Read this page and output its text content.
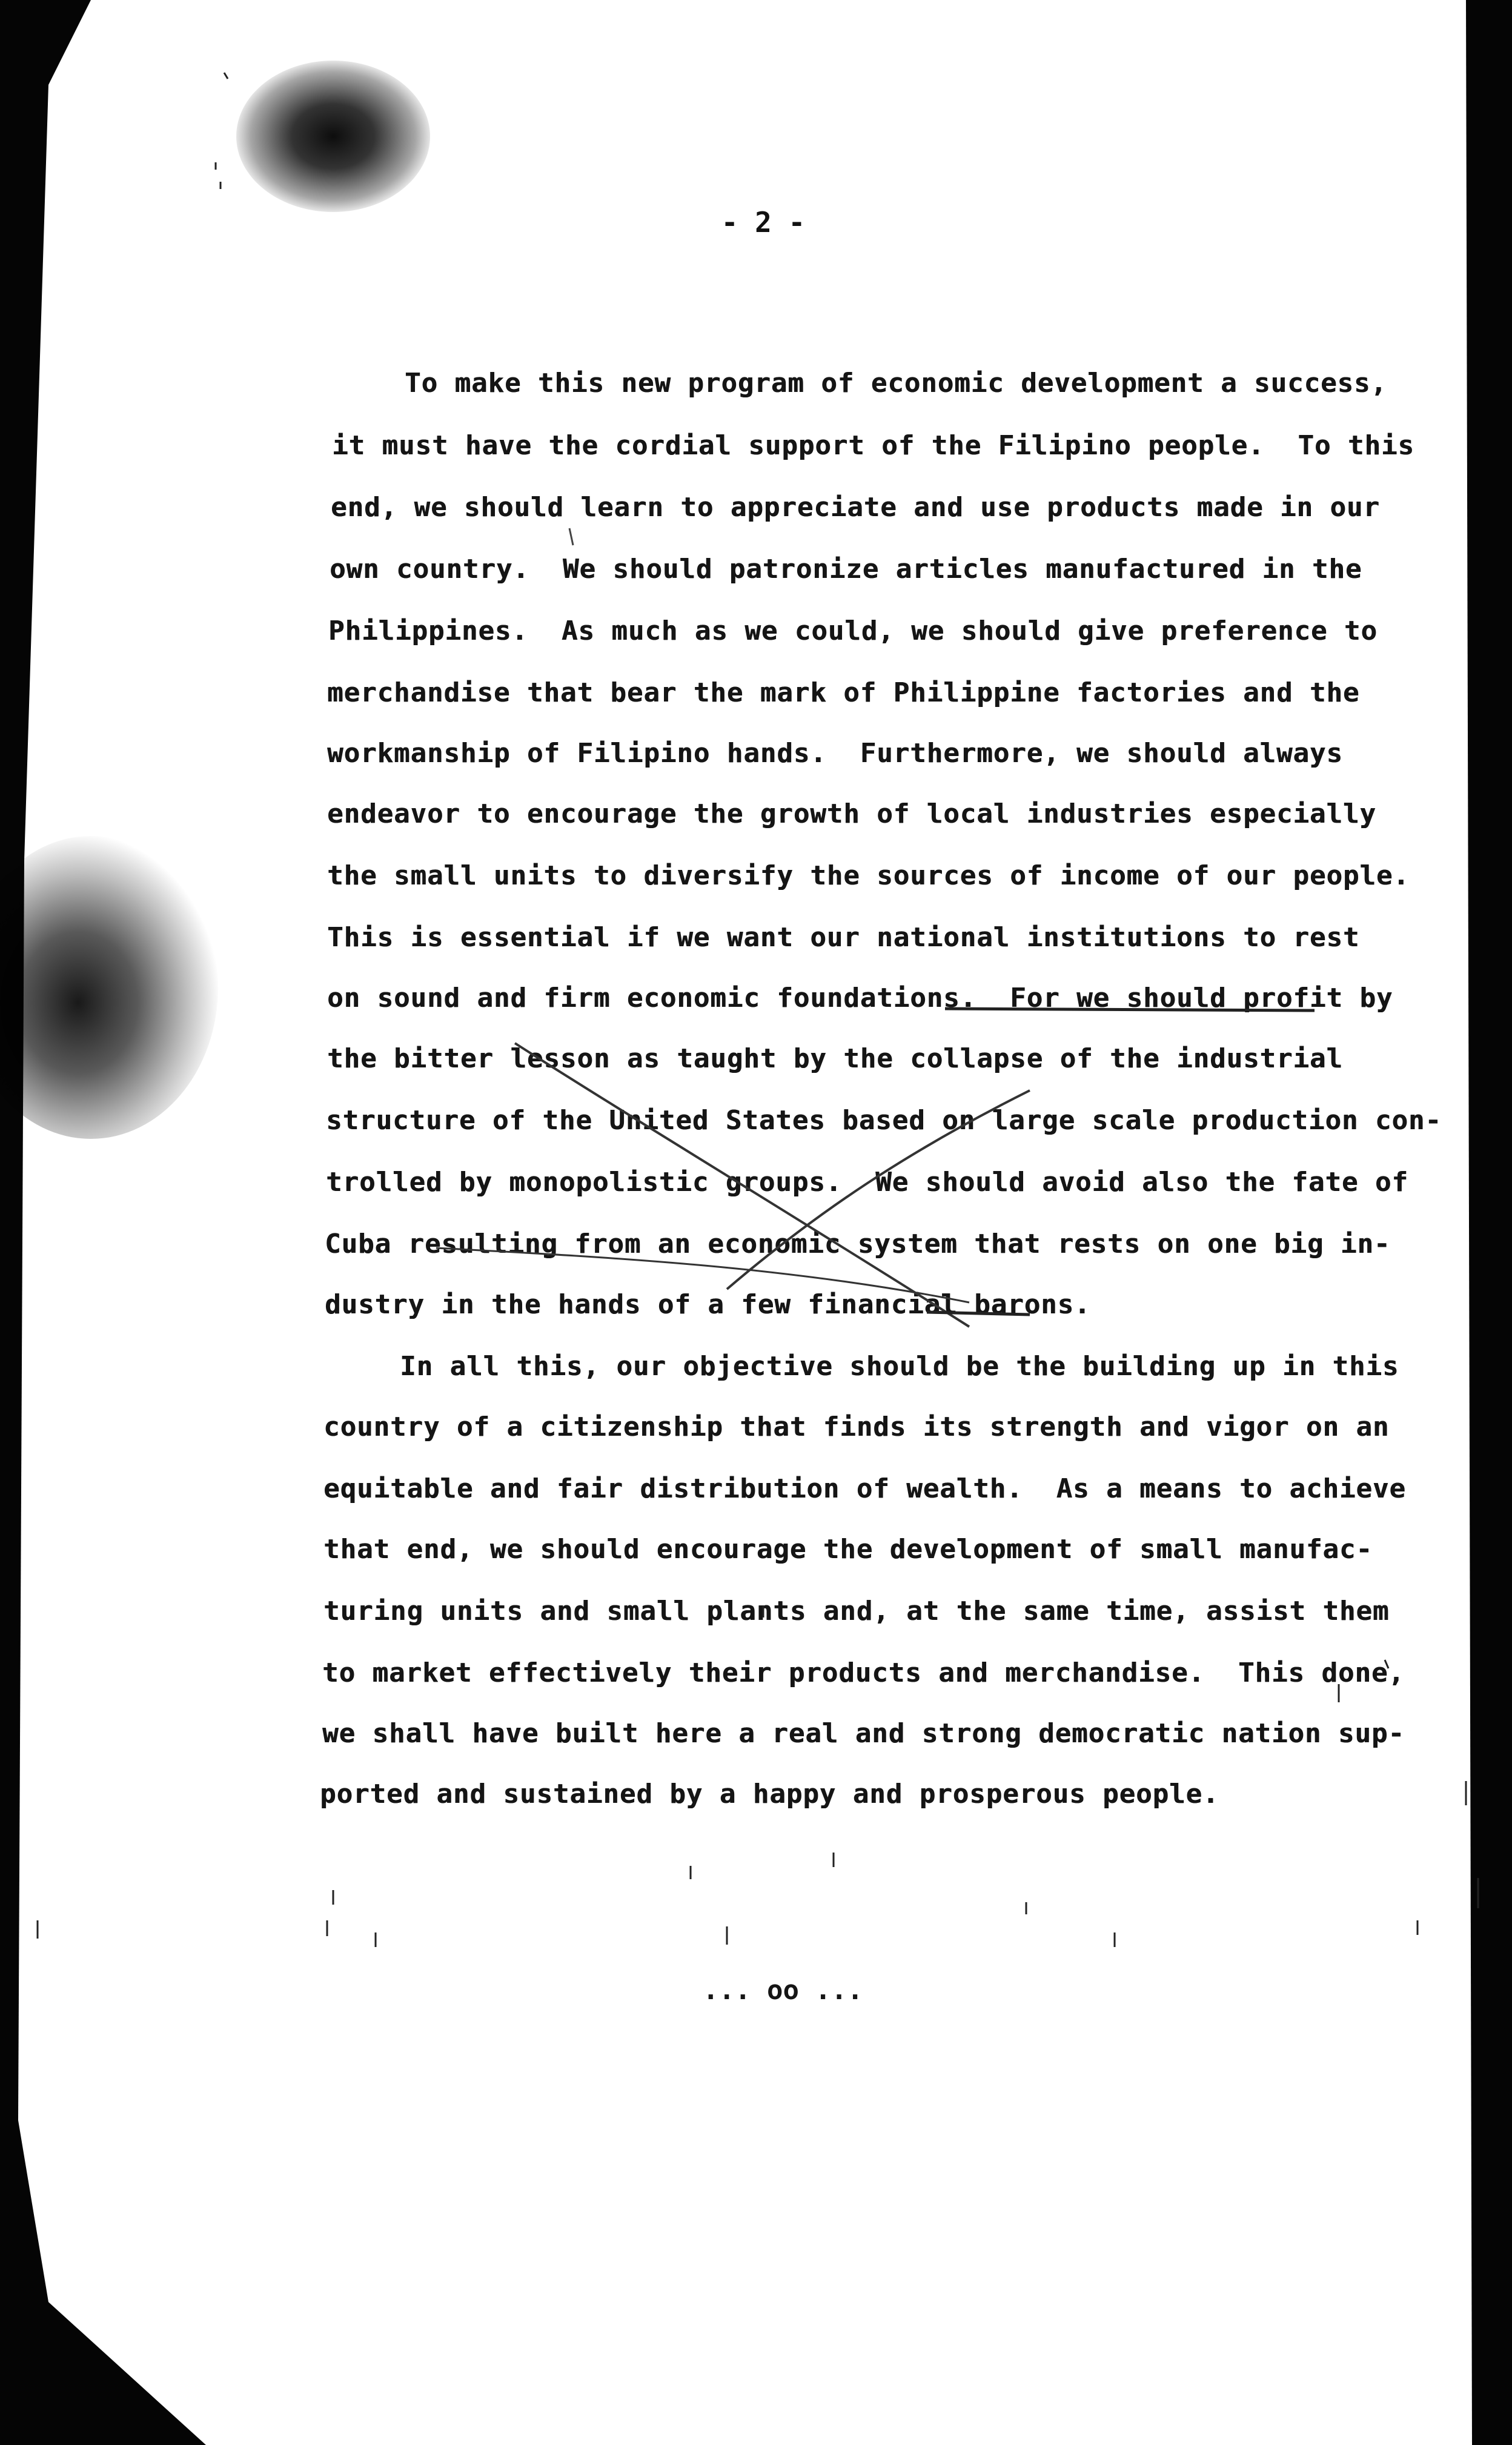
- 2 -
To make this new program of economic development a success,
it must have the cordial support of the Filipino people.  To this
end, we should learn to appreciate and use products made in our
own country.  We should patronize articles manufactured in the
Philippines.  As much as we could, we should give preference to
merchandise that bear the mark of Philippine factories and the
workmanship of Filipino hands.  Furthermore, we should always
endeavor to encourage the growth of local industries especially
the small units to diversify the sources of income of our people.
This is essential if we want our national institutions to rest
on sound and firm economic foundations.  For we should profit by
the bitter lesson as taught by the collapse of the industrial
structure of the United States based on large scale production con-
trolled by monopolistic groups.  We should avoid also the fate of
Cuba resulting from an economic system that rests on one big in-
dustry in the hands of a few financial barons.
In all this, our objective should be the building up in this
country of a citizenship that finds its strength and vigor on an
equitable and fair distribution of wealth.  As a means to achieve
that end, we should encourage the development of small manufac-
turing units and small plants and, at the same time, assist them
to market effectively their products and merchandise.  This done,
we shall have built here a real and strong democratic nation sup-
ported and sustained by a happy and prosperous people.
... oo ...
